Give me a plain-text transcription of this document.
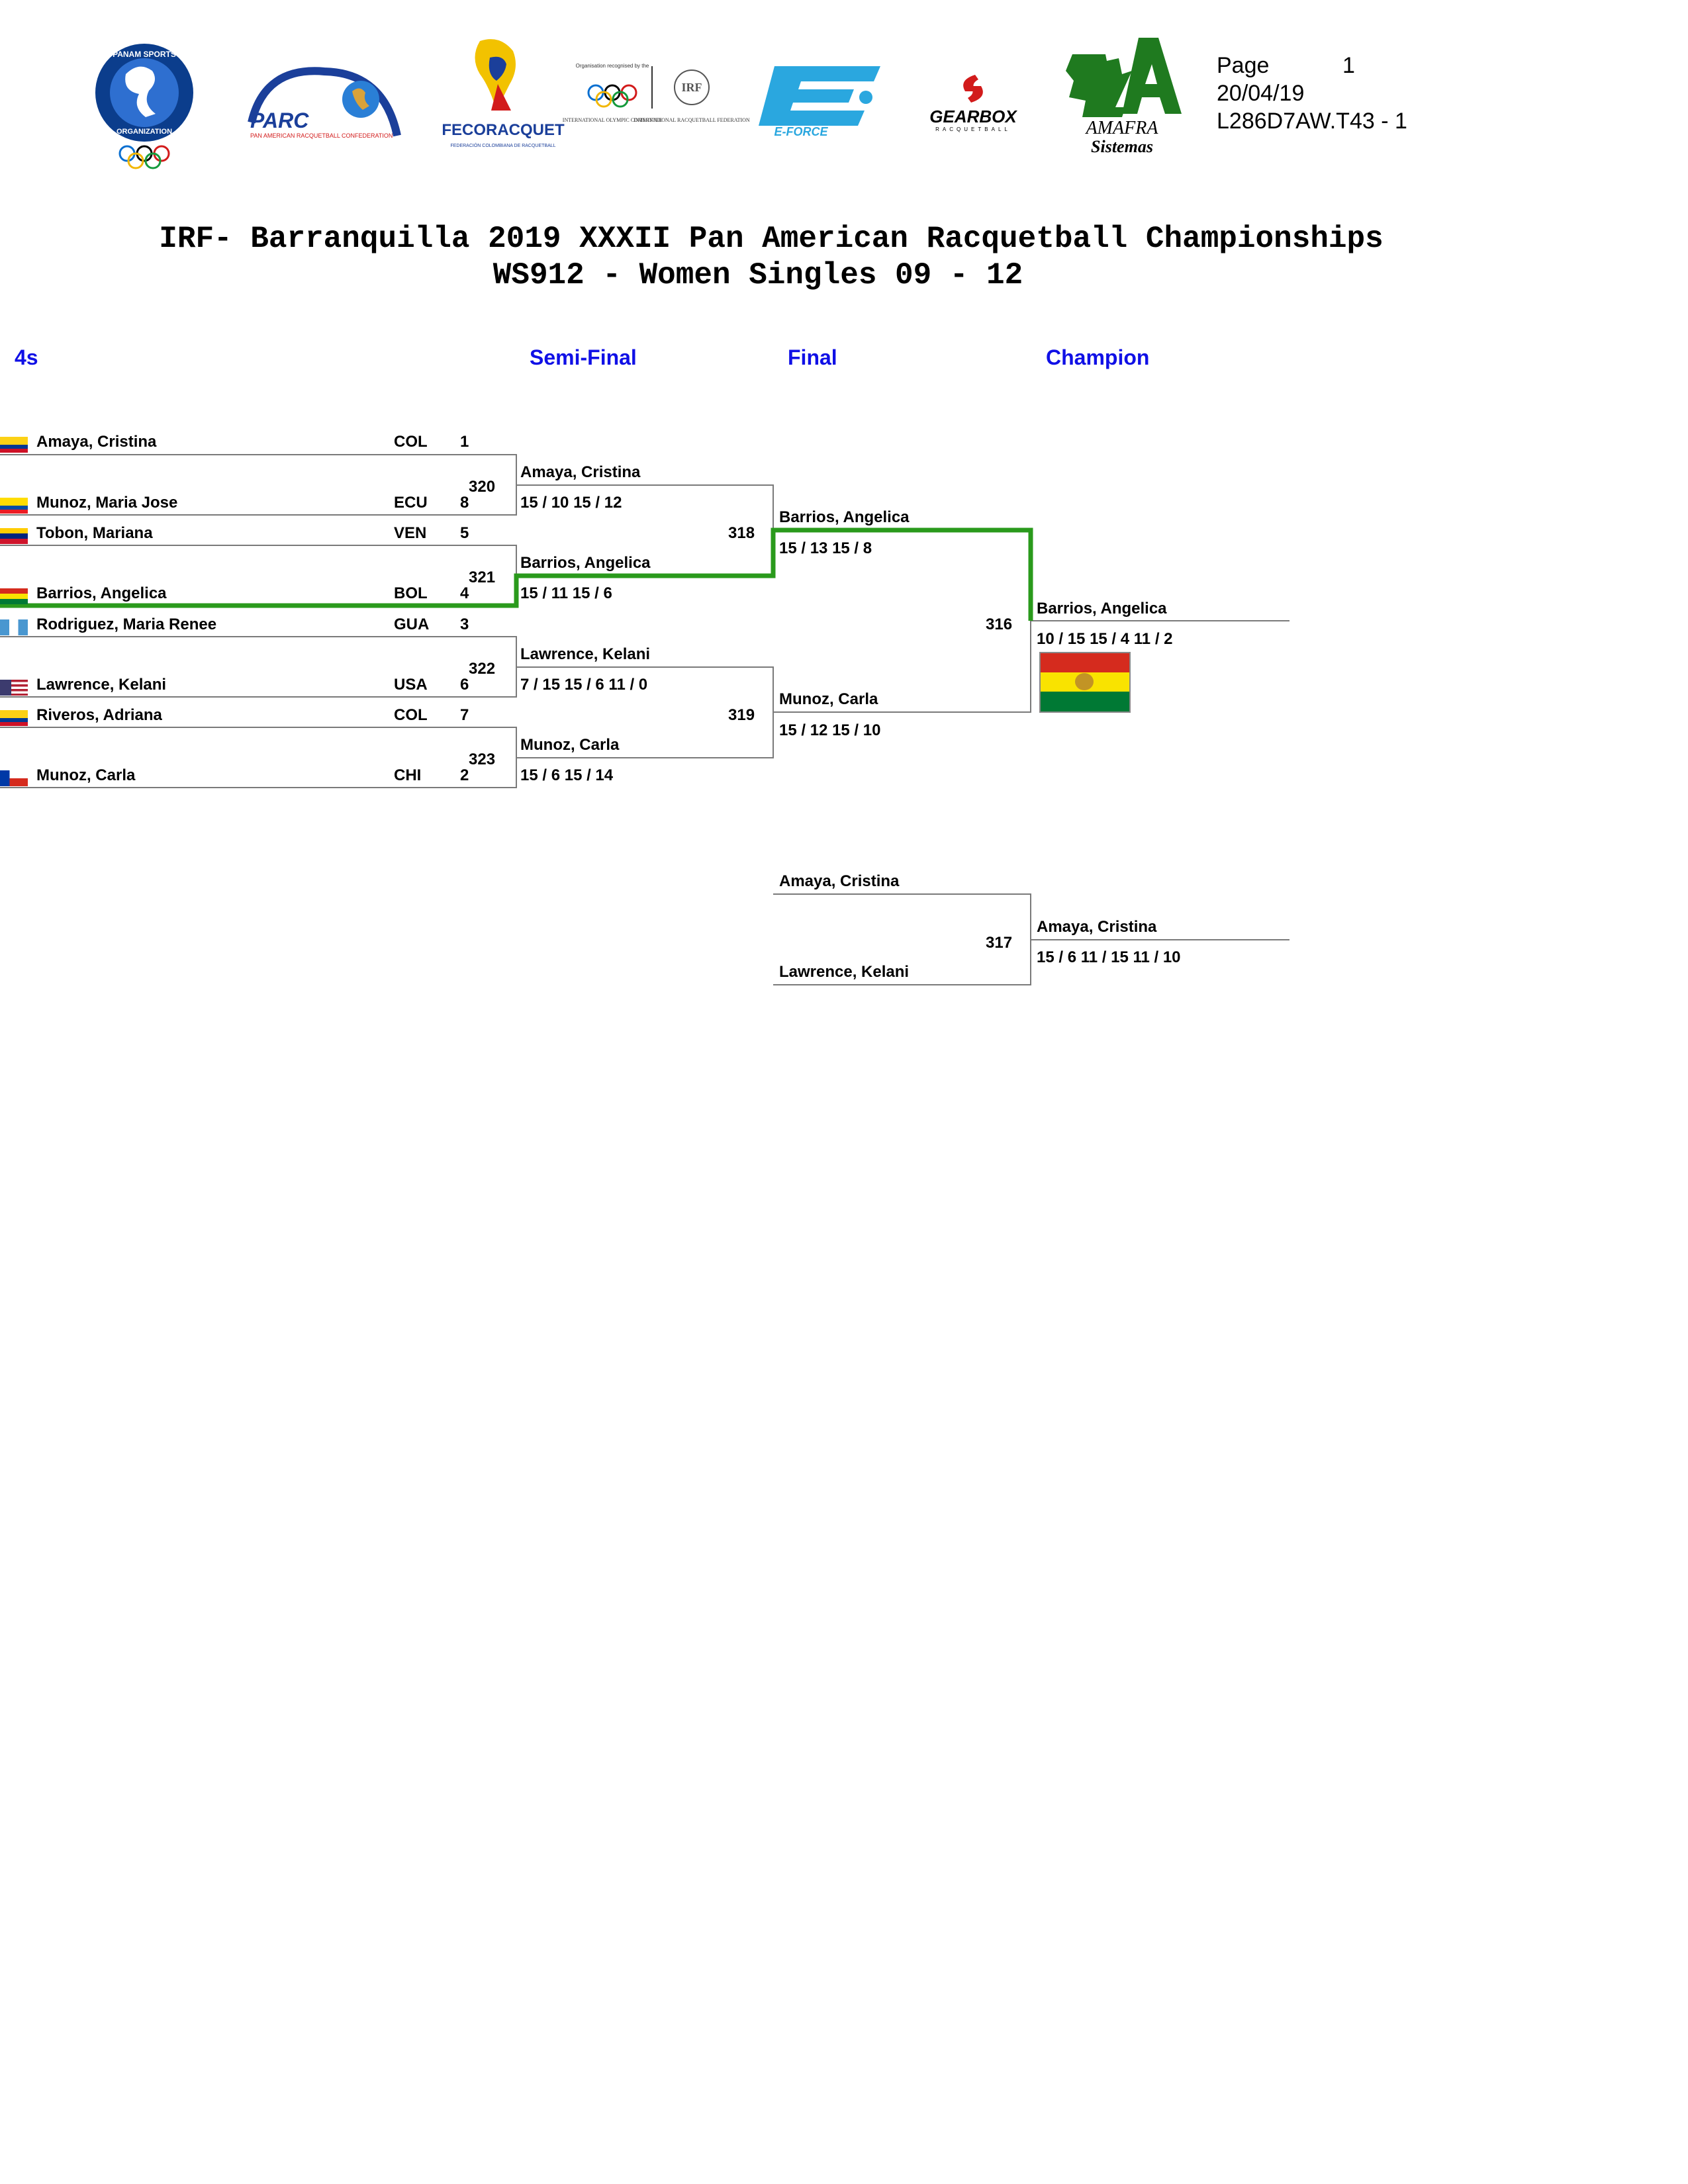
PANAM SPORTS
ORGANIZATION	PARC
PAN AMERICAN RACQUETBALL CONFEDERATION	FECORACQUET
FEDERACIÓN COLOMBIANA DE RACQUETBALL
Organisation recognised by the
INTERNATIONAL OLYMPIC COMMITTEE
IRF
INTERNATIONAL RACQUETBALL FEDERATION
E-FORCE
GEARBOX
RACQUETBALL	AMAFRA
Sistemas
Page	1
20/04/19
L286D7AW.T43 - 1
IRF- Barranquilla 2019 XXXII Pan American Racquetball Championships
WS912 - Women Singles 09 - 12
4s	Semi-Final	Final	Champion
Amaya, Cristina	COL 1
Munoz, Maria Jose	ECU 8
Tobon, Mariana	VEN 5
Barrios, Angelica	BOL 4
Rodriguez, Maria Renee	GUA 3
Lawrence, Kelani	USA 6
Riveros, Adriana	COL 7
Munoz, Carla	CHI 2
320
321
322
323
Amaya, Cristina
15 / 10 15 / 12
Barrios, Angelica
15 / 11 15 / 6
Lawrence, Kelani
7 / 15 15 / 6 11 / 0
Munoz, Carla
15 / 6 15 / 14
318
319
Barrios, Angelica
15 / 13 15 / 8
Munoz, Carla
15 / 12 15 / 10
316
Barrios, Angelica
10 / 15 15 / 4 11 / 2
Amaya, Cristina
Lawrence, Kelani
317
Amaya, Cristina
15 / 6 11 / 15 11 / 10
